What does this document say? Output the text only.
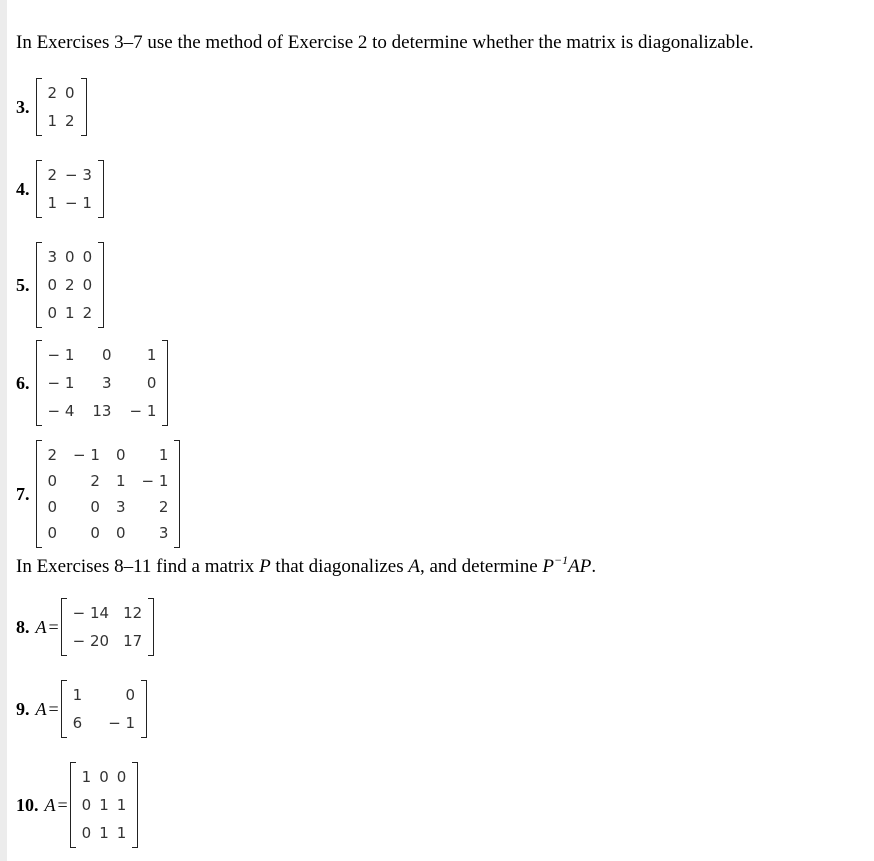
In Exercises 3–7 use the method of Exercise 2 to determine whether the matrix is diagonalizable.
3.
2 0
1 2
4.
2 − 3
1 − 1
5.
3 0 0
0 2 0
0 1 2
6.
− 1	0	1
− 1	3	0
− 4 13 − 1
7.
2 − 1 0	1
0	2 1 − 1
0	0 3	2
0	0 0	3
In Exercises 8–11 find a matrix P that diagonalizes A, and determine $P^{-1}AP$.
8. A =
− 14 12
− 20 17
9. A =
1	0
6 − 1
10. A =
1 0 0
0 1 1
0 1 1
